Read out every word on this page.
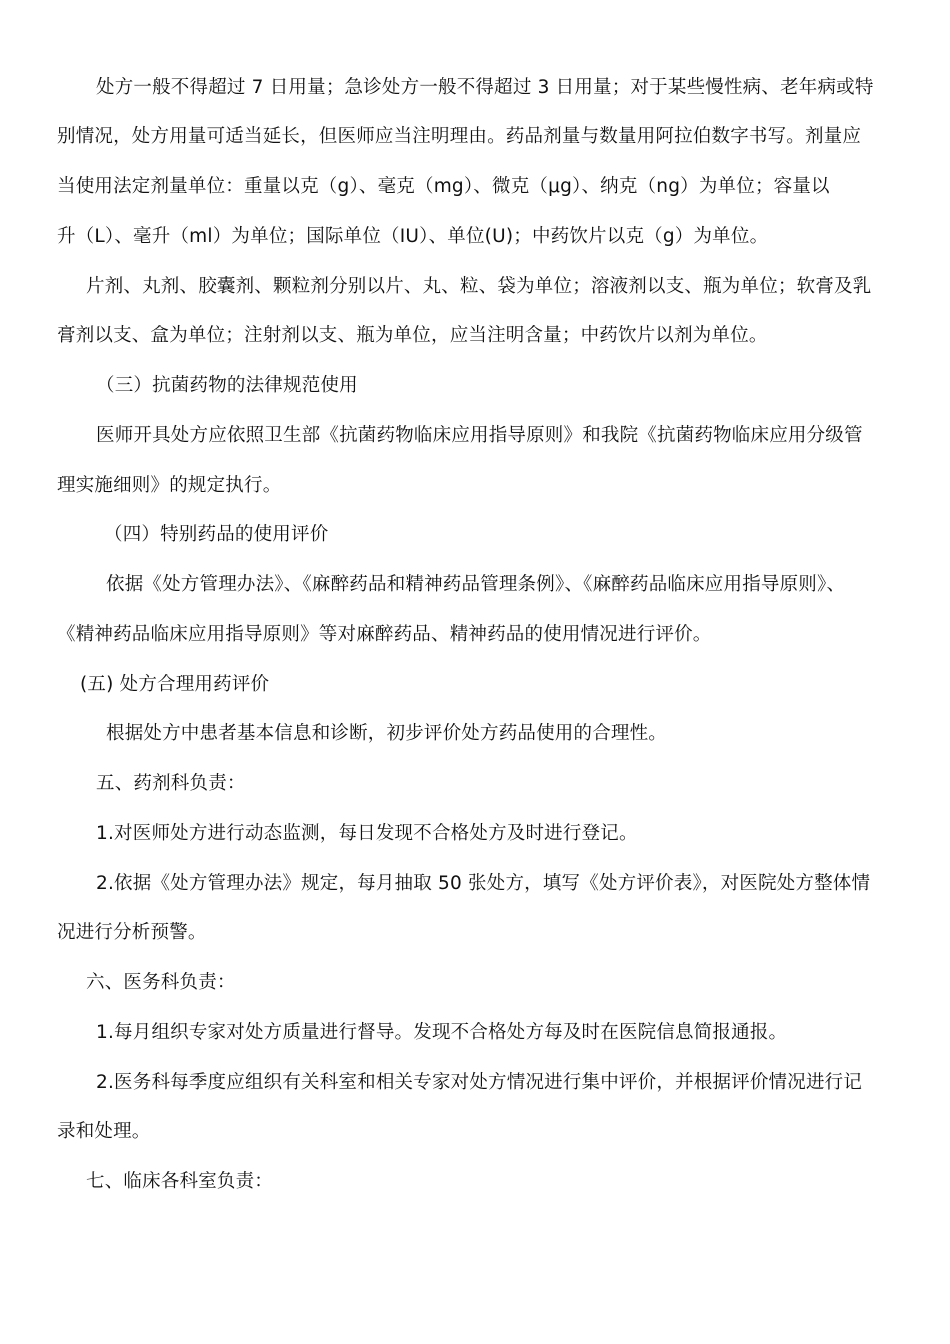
处方一般不得超过 7 日用量；急诊处方一般不得超过 3 日用量；对于某些慢性病、老年病或特
别情况，处方用量可适当延长，但医师应当注明理由。药品剂量与数量用阿拉伯数字书写。剂量应
当使用法定剂量单位：重量以克（g）、毫克（mg）、微克（μg）、纳克（ng）为单位；容量以
升（L）、毫升（ml）为单位；国际单位（IU）、单位(U)；中药饮片以克（g）为单位。
片剂、丸剂、胶囊剂、颗粒剂分别以片、丸、粒、袋为单位；溶液剂以支、瓶为单位；软膏及乳
膏剂以支、盒为单位；注射剂以支、瓶为单位，应当注明含量；中药饮片以剂为单位。
（三）抗菌药物的法律规范使用
医师开具处方应依照卫生部《抗菌药物临床应用指导原则》和我院《抗菌药物临床应用分级管
理实施细则》的规定执行。
（四）特别药品的使用评价
依据《处方管理办法》、《麻醉药品和精神药品管理条例》、《麻醉药品临床应用指导原则》、
《精神药品临床应用指导原则》等对麻醉药品、精神药品的使用情况进行评价。
(五) 处方合理用药评价
根据处方中患者基本信息和诊断，初步评价处方药品使用的合理性。
五、药剂科负责：
1.对医师处方进行动态监测，每日发现不合格处方及时进行登记。
2.依据《处方管理办法》规定，每月抽取 50 张处方，填写《处方评价表》，对医院处方整体情
况进行分析预警。
六、医务科负责：
1.每月组织专家对处方质量进行督导。发现不合格处方每及时在医院信息简报通报。
2.医务科每季度应组织有关科室和相关专家对处方情况进行集中评价，并根据评价情况进行记
录和处理。
七、临床各科室负责：
